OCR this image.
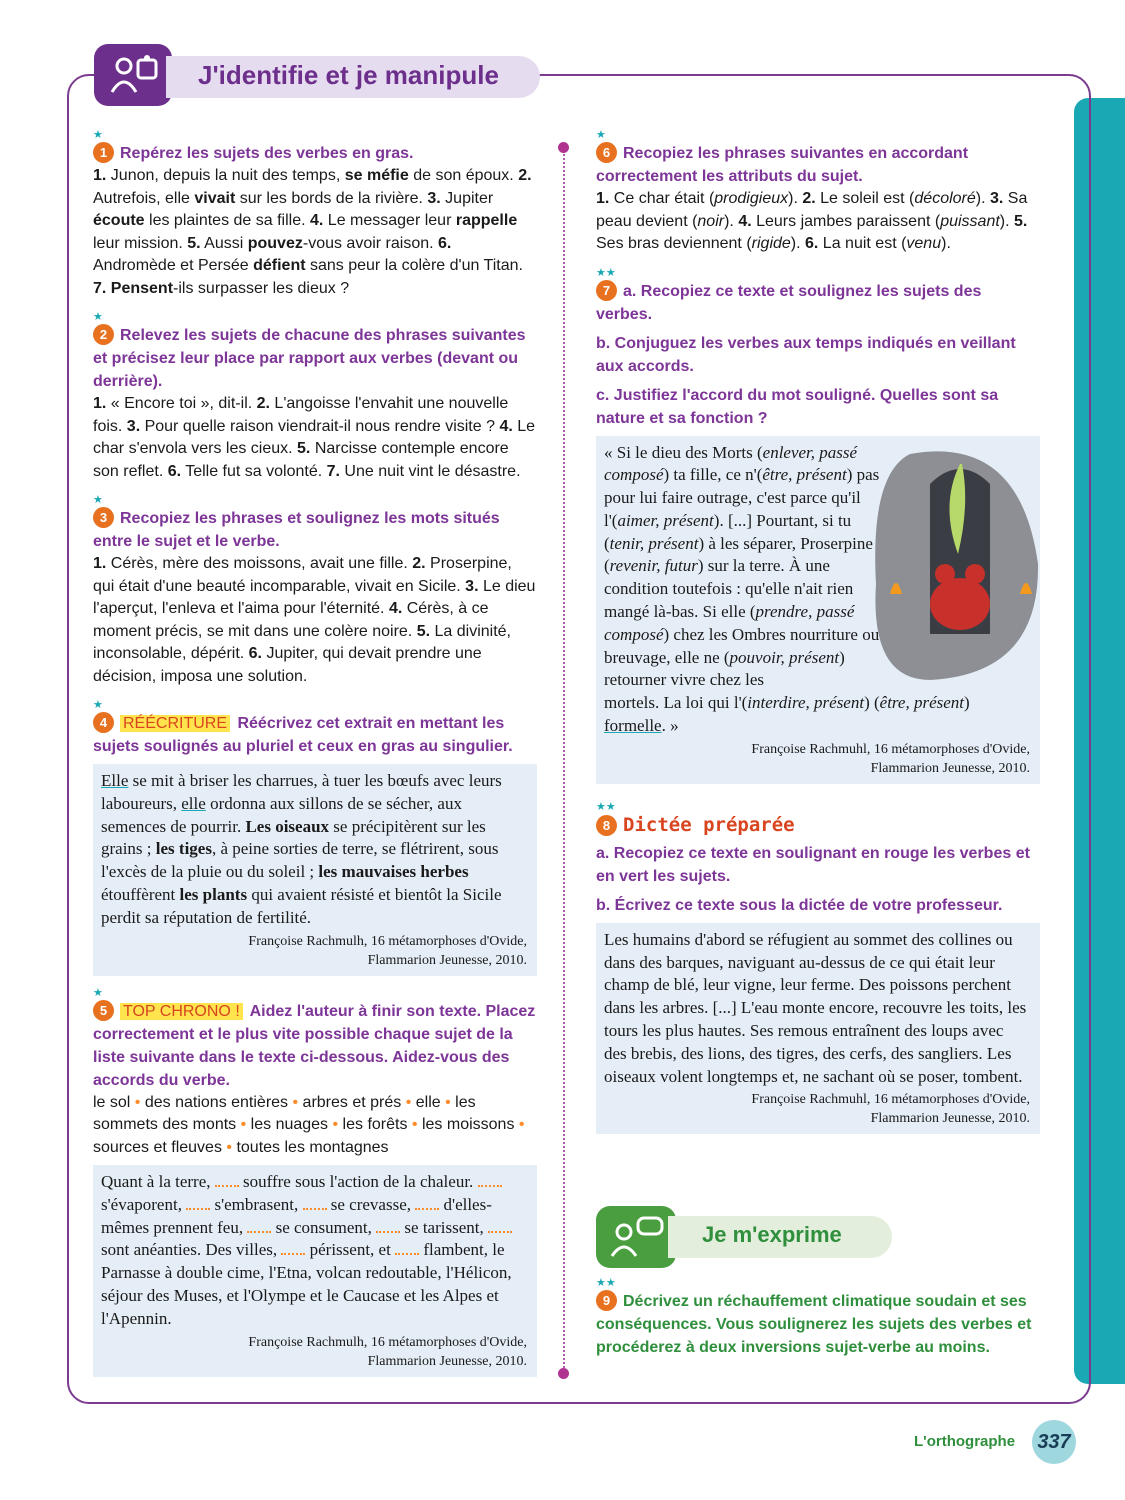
J'identifie et je manipule
★
1 Repérez les sujets des verbes en gras.
1. Junon, depuis la nuit des temps, se méfie de son époux. 2. Autrefois, elle vivait sur les bords de la rivière. 3. Jupiter écoute les plaintes de sa fille. 4. Le messager leur rappelle leur mission. 5. Aussi pouvez-vous avoir raison. 6. Andromède et Persée défient sans peur la colère d'un Titan. 7. Pensent-ils surpasser les dieux ?
★
2 Relevez les sujets de chacune des phrases suivantes et précisez leur place par rapport aux verbes (devant ou derrière).
1. « Encore toi », dit-il. 2. L'angoisse l'envahit une nouvelle fois. 3. Pour quelle raison viendrait-il nous rendre visite ? 4. Le char s'envola vers les cieux. 5. Narcisse contemple encore son reflet. 6. Telle fut sa volonté. 7. Une nuit vint le désastre.
★
3 Recopiez les phrases et soulignez les mots situés entre le sujet et le verbe.
1. Cérès, mère des moissons, avait une fille. 2. Proserpine, qui était d'une beauté incomparable, vivait en Sicile. 3. Le dieu l'aperçut, l'enleva et l'aima pour l'éternité. 4. Cérès, à ce moment précis, se mit dans une colère noire. 5. La divinité, inconsolable, dépérit. 6. Jupiter, qui devait prendre une décision, imposa une solution.
★
4 RÉÉCRITURE Réécrivez cet extrait en mettant les sujets soulignés au pluriel et ceux en gras au singulier.
Elle se mit à briser les charrues, à tuer les bœufs avec leurs laboureurs, elle ordonna aux sillons de se sécher, aux semences de pourrir. Les oiseaux se précipitèrent sur les grains ; les tiges, à peine sorties de terre, se flétrirent, sous l'excès de la pluie ou du soleil ; les mauvaises herbes étouffèrent les plants qui avaient résisté et bientôt la Sicile perdit sa réputation de fertilité.
Françoise Rachmulh, 16 métamorphoses d'Ovide,
Flammarion Jeunesse, 2010.
★
5 TOP CHRONO ! Aidez l'auteur à finir son texte. Placez correctement et le plus vite possible chaque sujet de la liste suivante dans le texte ci-dessous. Aidez-vous des accords du verbe.
le sol • des nations entières • arbres et prés • elle • les sommets des monts • les nuages • les forêts • les moissons • sources et fleuves • toutes les montagnes
Quant à la terre,  souffre sous l'action de la chaleur.  s'évaporent,  s'embrasent,  se crevasse,  d'elles-mêmes prennent feu,  se consument,  se tarissent,  sont anéanties. Des villes,  périssent, et  flambent, le Parnasse à double cime, l'Etna, volcan redoutable, l'Hélicon, séjour des Muses, et l'Olympe et le Caucase et les Alpes et l'Apennin.
Françoise Rachmulh, 16 métamorphoses d'Ovide,
Flammarion Jeunesse, 2010.
★
6 Recopiez les phrases suivantes en accordant correctement les attributs du sujet.
1. Ce char était (prodigieux). 2. Le soleil est (décoloré). 3. Sa peau devient (noir). 4. Leurs jambes paraissent (puissant). 5. Ses bras deviennent (rigide). 6. La nuit est (venu).
★★
7 a. Recopiez ce texte et soulignez les sujets des verbes.
b. Conjuguez les verbes aux temps indiqués en veillant aux accords.
c. Justifiez l'accord du mot souligné. Quelles sont sa nature et sa fonction ?
« Si le dieu des Morts (enlever, passé composé) ta fille, ce n'(être, présent) pas pour lui faire outrage, c'est parce qu'il l'(aimer, présent). [...] Pourtant, si tu (tenir, présent) à les séparer, Proserpine (revenir, futur) sur la terre. À une condition toutefois : qu'elle n'ait rien mangé là-bas. Si elle (prendre, passé composé) chez les Ombres nourriture ou breuvage, elle ne (pouvoir, présent) retourner vivre chez les
mortels. La loi qui l'(interdire, présent) (être, présent) formelle. »
Françoise Rachmuhl, 16 métamorphoses d'Ovide,
Flammarion Jeunesse, 2010.
★★
8 Dictée préparée
a. Recopiez ce texte en soulignant en rouge les verbes et en vert les sujets.
b. Écrivez ce texte sous la dictée de votre professeur.
Les humains d'abord se réfugient au sommet des collines ou dans des barques, naviguant au-dessus de ce qui était leur champ de blé, leur vigne, leur ferme. Des poissons perchent dans les arbres. [...] L'eau monte encore, recouvre les toits, les tours les plus hautes. Ses remous entraînent des loups avec des brebis, des lions, des tigres, des cerfs, des sangliers. Les oiseaux volent longtemps et, ne sachant où se poser, tombent.
Françoise Rachmuhl, 16 métamorphoses d'Ovide,
Flammarion Jeunesse, 2010.
Je m'exprime
★★
9 Décrivez un réchauffement climatique soudain et ses conséquences. Vous soulignerez les sujets des verbes et procéderez à deux inversions sujet-verbe au moins.
L'orthographe 337
